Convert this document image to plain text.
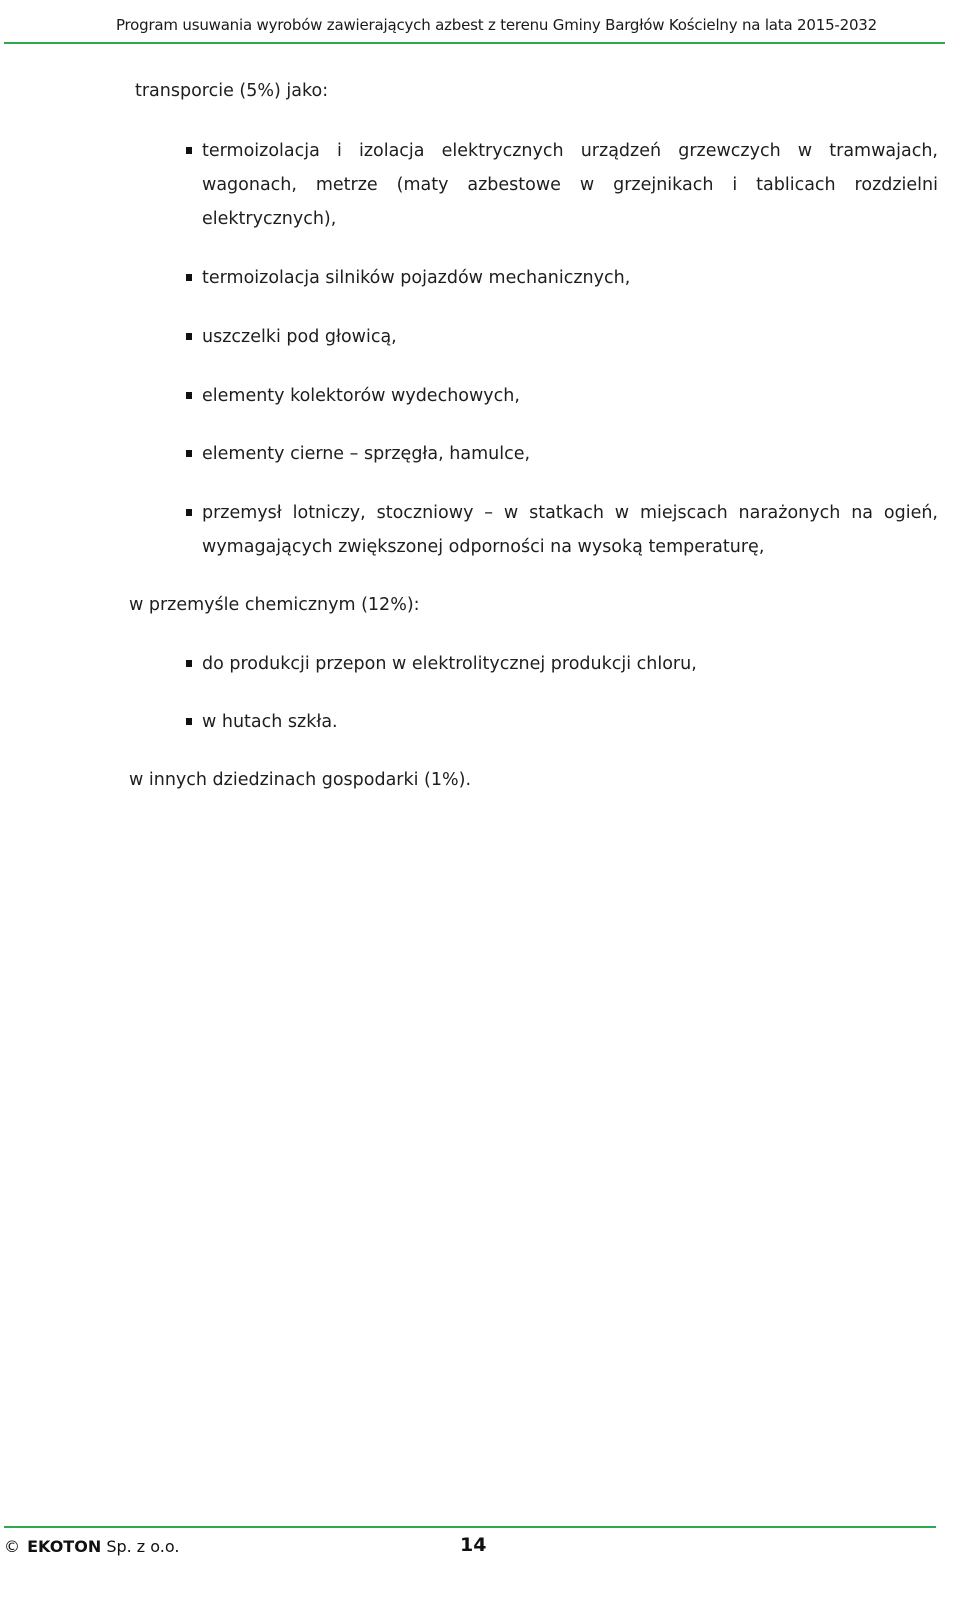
Program usuwania wyrobów zawierających azbest z terenu Gminy Bargłów Kościelny na lata 2015-2032
transporcie (5%) jako:
termoizolacja i izolacja elektrycznych urządzeń grzewczych w tramwajach,
wagonach, metrze (maty azbestowe w grzejnikach i tablicach rozdzielni
elektrycznych),
termoizolacja silników pojazdów mechanicznych,
uszczelki pod głowicą,
elementy kolektorów wydechowych,
elementy cierne – sprzęgła, hamulce,
przemysł lotniczy, stoczniowy – w statkach w miejscach narażonych na ogień,
wymagających zwiększonej odporności na wysoką temperaturę,
w przemyśle chemicznym (12%):
do produkcji przepon w elektrolitycznej produkcji chloru,
w hutach szkła.
w innych dziedzinach gospodarki (1%).
© EKOTON Sp. z o.o.	14
